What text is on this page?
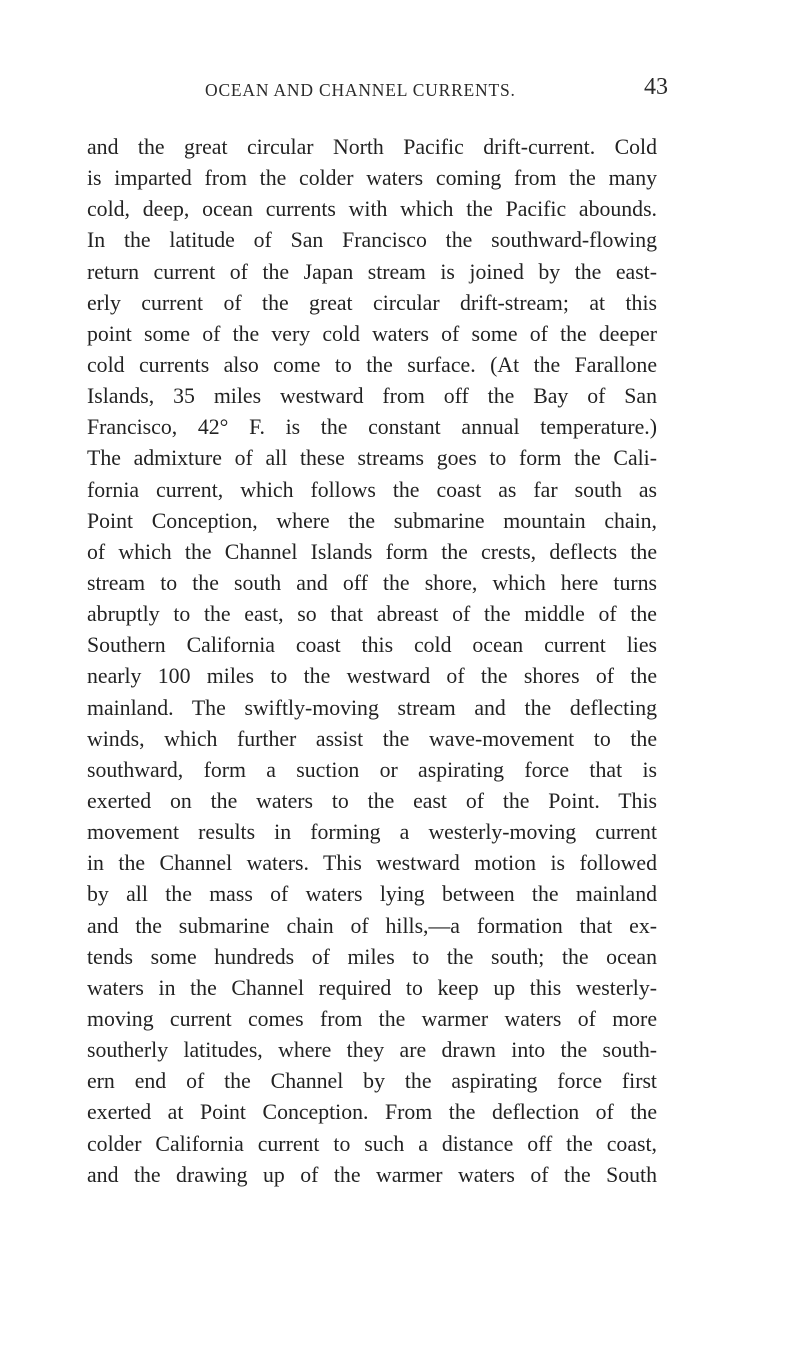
OCEAN AND CHANNEL CURRENTS.	43
and the great circular North Pacific drift-current. Cold
is imparted from the colder waters coming from the many
cold, deep, ocean currents with which the Pacific abounds.
In the latitude of San Francisco the southward-flowing
return current of the Japan stream is joined by the east-
erly current of the great circular drift-stream; at this
point some of the very cold waters of some of the deeper
cold currents also come to the surface. (At the Farallone
Islands, 35 miles westward from off the Bay of San
Francisco, 42° F. is the constant annual temperature.)
The admixture of all these streams goes to form the Cali-
fornia current, which follows the coast as far south as
Point Conception, where the submarine mountain chain,
of which the Channel Islands form the crests, deflects the
stream to the south and off the shore, which here turns
abruptly to the east, so that abreast of the middle of the
Southern California coast this cold ocean current lies
nearly 100 miles to the westward of the shores of the
mainland. The swiftly-moving stream and the deflecting
winds, which further assist the wave-movement to the
southward, form a suction or aspirating force that is
exerted on the waters to the east of the Point. This
movement results in forming a westerly-moving current
in the Channel waters. This westward motion is followed
by all the mass of waters lying between the mainland
and the submarine chain of hills,—a formation that ex-
tends some hundreds of miles to the south; the ocean
waters in the Channel required to keep up this westerly-
moving current comes from the warmer waters of more
southerly latitudes, where they are drawn into the south-
ern end of the Channel by the aspirating force first
exerted at Point Conception. From the deflection of the
colder California current to such a distance off the coast,
and the drawing up of the warmer waters of the South
